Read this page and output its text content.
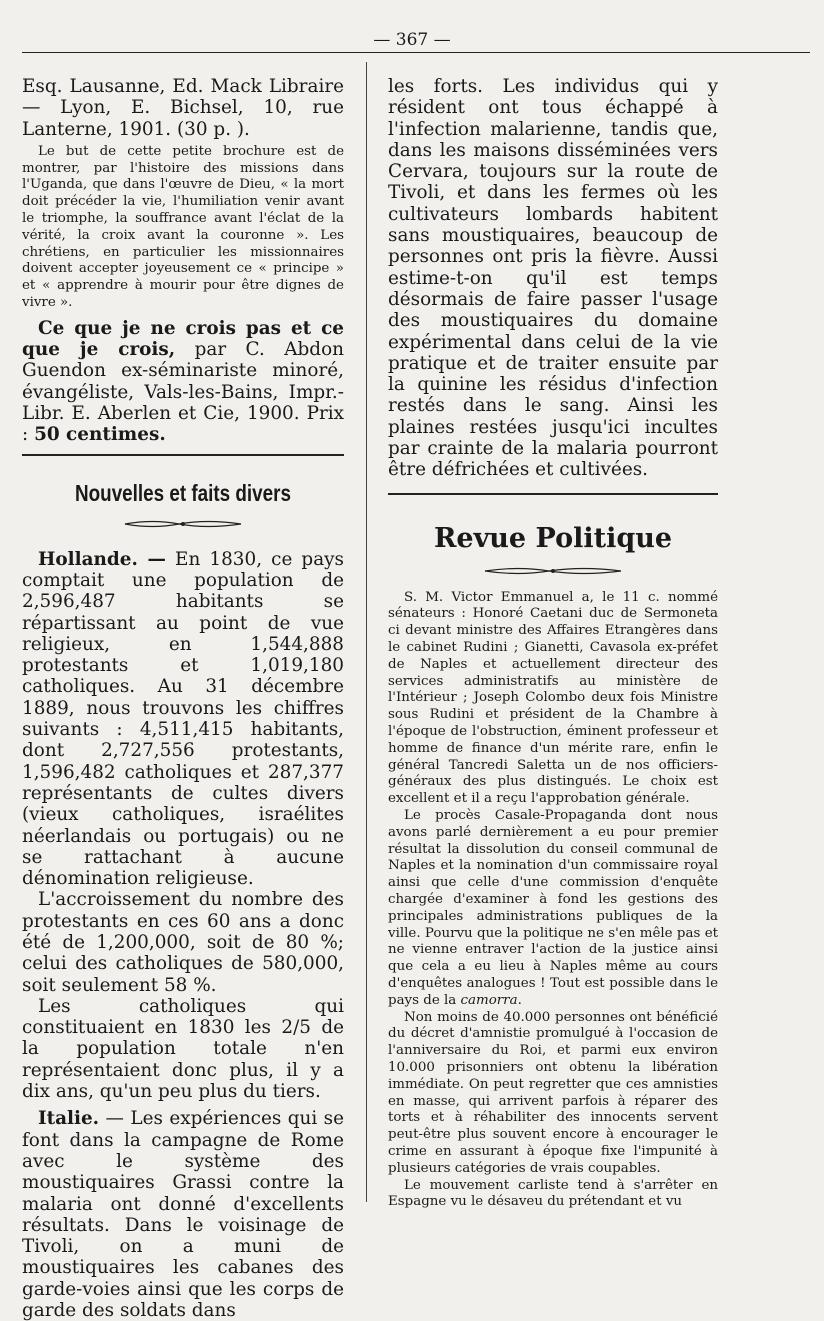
— 367 —

Esq. Lausanne, Ed. Mack Libraire — Lyon, E. Bichsel, 10, rue Lanterne, 1901. (30 p. ).

Le but de cette petite brochure est de montrer, par l'histoire des missions dans l'Uganda, que dans l'œuvre de Dieu, « la mort doit précéder la vie, l'humiliation venir avant le triomphe, la souffrance avant l'éclat de la vérité, la croix avant la couronne ». Les chrétiens, en particulier les missionnaires doivent accepter joyeusement ce « principe » et « apprendre à mourir pour être dignes de vivre ».

Ce que je ne crois pas et ce que je crois, par C. Abdon Guendon ex-séminariste minoré, évangéliste, Vals-les-Bains, Impr.-Libr. E. Aberlen et Cie, 1900. Prix : 50 centimes.

Nouvelles et faits divers

Hollande. — En 1830, ce pays comptait une population de 2,596,487 habitants se répartissant au point de vue religieux, en 1,544,888 protestants et 1,019,180 catholiques. Au 31 décembre 1889, nous trouvons les chiffres suivants : 4,511,415 habitants, dont 2,727,556 protestants, 1,596,482 catholiques et 287,377 représentants de cultes divers (vieux catholiques, israélites néerlandais ou portugais) ou ne se rattachant à aucune dénomination religieuse.

L'accroissement du nombre des protestants en ces 60 ans a donc été de 1,200,000, soit de 80 %; celui des catholiques de 580,000, soit seulement 58 %.

Les catholiques qui constituaient en 1830 les 2/5 de la population totale n'en représentaient donc plus, il y a dix ans, qu'un peu plus du tiers.

Italie. — Les expériences qui se font dans la campagne de Rome avec le système des moustiquaires Grassi contre la malaria ont donné d'excellents résultats. Dans le voisinage de Tivoli, on a muni de moustiquaires les cabanes des garde-voies ainsi que les corps de garde des soldats dans

les forts. Les individus qui y résident ont tous échappé à l'infection malarienne, tandis que, dans les maisons disséminées vers Cervara, toujours sur la route de Tivoli, et dans les fermes où les cultivateurs lombards habitent sans moustiquaires, beaucoup de personnes ont pris la fièvre. Aussi estime-t-on qu'il est temps désormais de faire passer l'usage des moustiquaires du domaine expérimental dans celui de la vie pratique et de traiter ensuite par la quinine les résidus d'infection restés dans le sang. Ainsi les plaines restées jusqu'ici incultes par crainte de la malaria pourront être défrichées et cultivées.

Revue Politique

S. M. Victor Emmanuel a, le 11 c. nommé sénateurs : Honoré Caetani duc de Sermoneta ci devant ministre des Affaires Etrangères dans le cabinet Rudini ; Gianetti, Cavasola ex-préfet de Naples et actuellement directeur des services administratifs au ministère de l'Intérieur ; Joseph Colombo deux fois Ministre sous Rudini et président de la Chambre à l'époque de l'obstruction, éminent professeur et homme de finance d'un mérite rare, enfin le général Tancredi Saletta un de nos officiers-généraux des plus distingués. Le choix est excellent et il a reçu l'approbation générale.

Le procès Casale-Propaganda dont nous avons parlé dernièrement a eu pour premier résultat la dissolution du conseil communal de Naples et la nomination d'un commissaire royal ainsi que celle d'une commission d'enquête chargée d'examiner à fond les gestions des principales administrations publiques de la ville. Pourvu que la politique ne s'en mêle pas et ne vienne entraver l'action de la justice ainsi que cela a eu lieu à Naples même au cours d'enquêtes analogues ! Tout est possible dans le pays de la camorra.

Non moins de 40.000 personnes ont bénéficié du décret d'amnistie promulgué à l'occasion de l'anniversaire du Roi, et parmi eux environ 10.000 prisonniers ont obtenu la libération immédiate. On peut regretter que ces amnisties en masse, qui arrivent parfois à réparer des torts et à réhabiliter des innocents servent peut-être plus souvent encore à encourager le crime en assurant à époque fixe l'impunité à plusieurs catégories de vrais coupables.

Le mouvement carliste tend à s'arrêter en Espagne vu le désaveu du prétendant et vu
